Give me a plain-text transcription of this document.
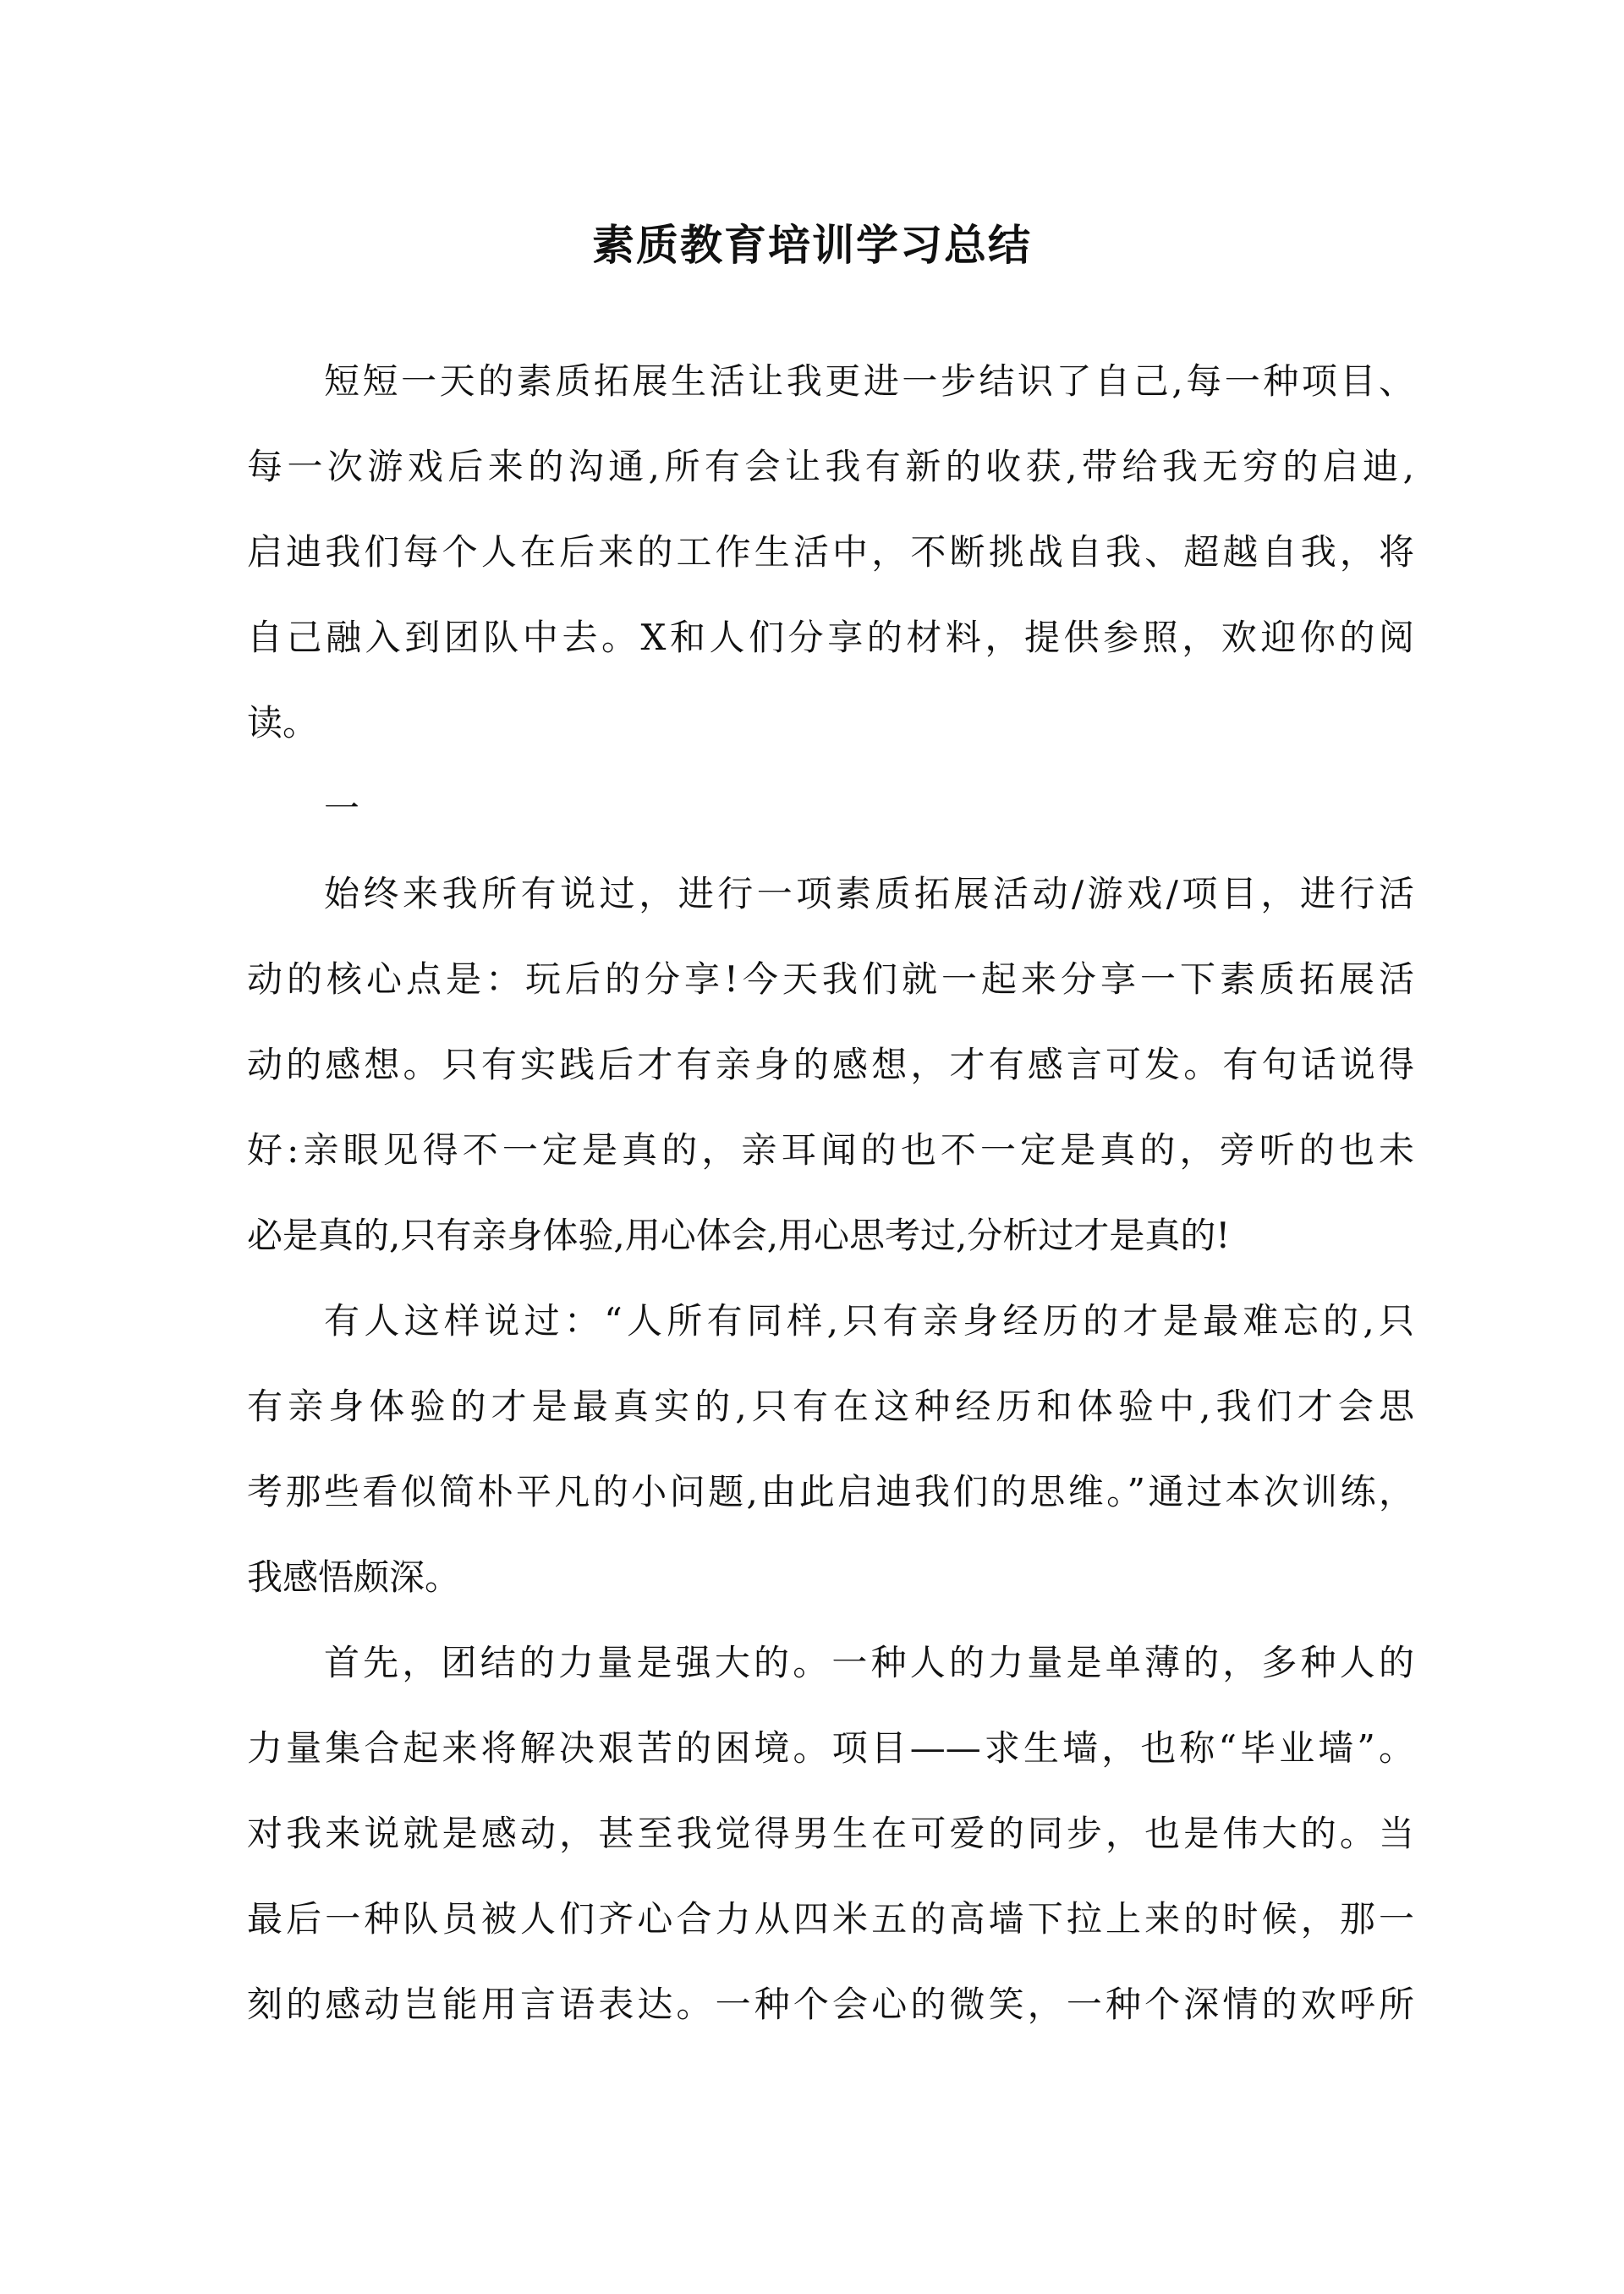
素质教育培训学习总结
短短一天的素质拓展生活让我更进一步结识了自己,每一种项目、
每一次游戏后来的沟通,所有会让我有新的收获,带给我无穷的启迪,
启迪我们每个人在后来的工作生活中，不断挑战自我、超越自我，将
自己融入到团队中去。X和人们分享的材料，提供参照，欢迎你的阅
读。
一
始终来我所有说过，进行一项素质拓展活动/游戏/项目，进行活
动的核心点是：玩后的分享!今天我们就一起来分享一下素质拓展活
动的感想。只有实践后才有亲身的感想，才有感言可发。有句话说得
好:亲眼见得不一定是真的，亲耳闻的也不一定是真的，旁听的也未
必是真的,只有亲身体验,用心体会,用心思考过,分析过才是真的!
有人这样说过：“人所有同样,只有亲身经历的才是最难忘的,只
有亲身体验的才是最真实的,只有在这种经历和体验中,我们才会思
考那些看似简朴平凡的小问题,由此启迪我们的思维。”通过本次训练，
我感悟颇深。
首先，团结的力量是强大的。一种人的力量是单薄的，多种人的
力量集合起来将解决艰苦的困境。项目——求生墙，也称“毕业墙”。
对我来说就是感动，甚至我觉得男生在可爱的同步，也是伟大的。当
最后一种队员被人们齐心合力从四米五的高墙下拉上来的时候，那一
刻的感动岂能用言语表达。一种个会心的微笑，一种个深情的欢呼所
